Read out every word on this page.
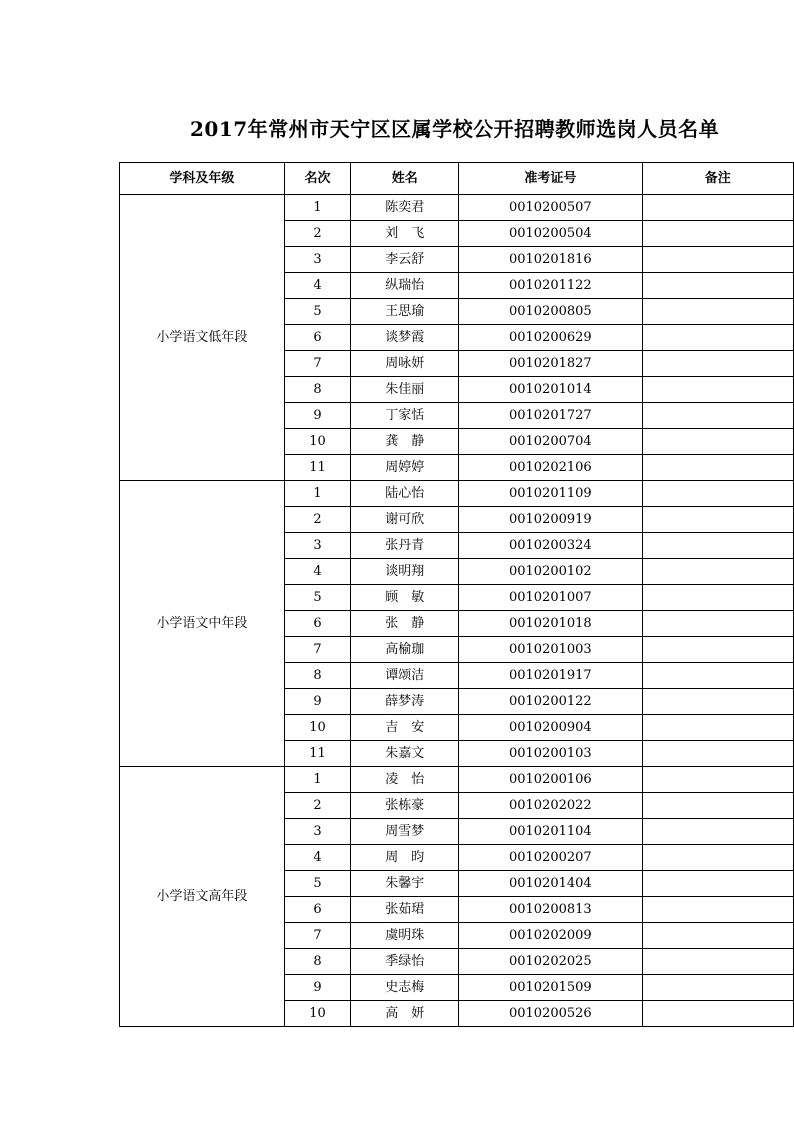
2017年常州市天宁区区属学校公开招聘教师选岗人员名单
学科及年级	名次	姓名	准考证号	备注
小学语文低年段	1	陈奕君	0010200507	
	2	刘　飞	0010200504	
	3	李云舒	0010201816	
	4	纵瑞怡	0010201122	
	5	王思瑜	0010200805	
	6	谈梦霞	0010200629	
	7	周咏妍	0010201827	
	8	朱佳丽	0010201014	
	9	丁家恬	0010201727	
	10	龚　静	0010200704	
	11	周婷婷	0010202106	
小学语文中年段	1	陆心怡	0010201109	
	2	谢可欣	0010200919	
	3	张丹青	0010200324	
	4	谈明翔	0010200102	
	5	顾　敏	0010201007	
	6	张　静	0010201018	
	7	高榆珈	0010201003	
	8	谭颂洁	0010201917	
	9	薛梦涛	0010200122	
	10	吉　安	0010200904	
	11	朱嘉文	0010200103	
小学语文高年段	1	凌　怡	0010200106	
	2	张栋豪	0010202022	
	3	周雪梦	0010201104	
	4	周　昀	0010200207	
	5	朱馨宇	0010201404	
	6	张茹珺	0010200813	
	7	虞明珠	0010202009	
	8	季绿怡	0010202025	
	9	史志梅	0010201509	
	10	高　妍	0010200526	
